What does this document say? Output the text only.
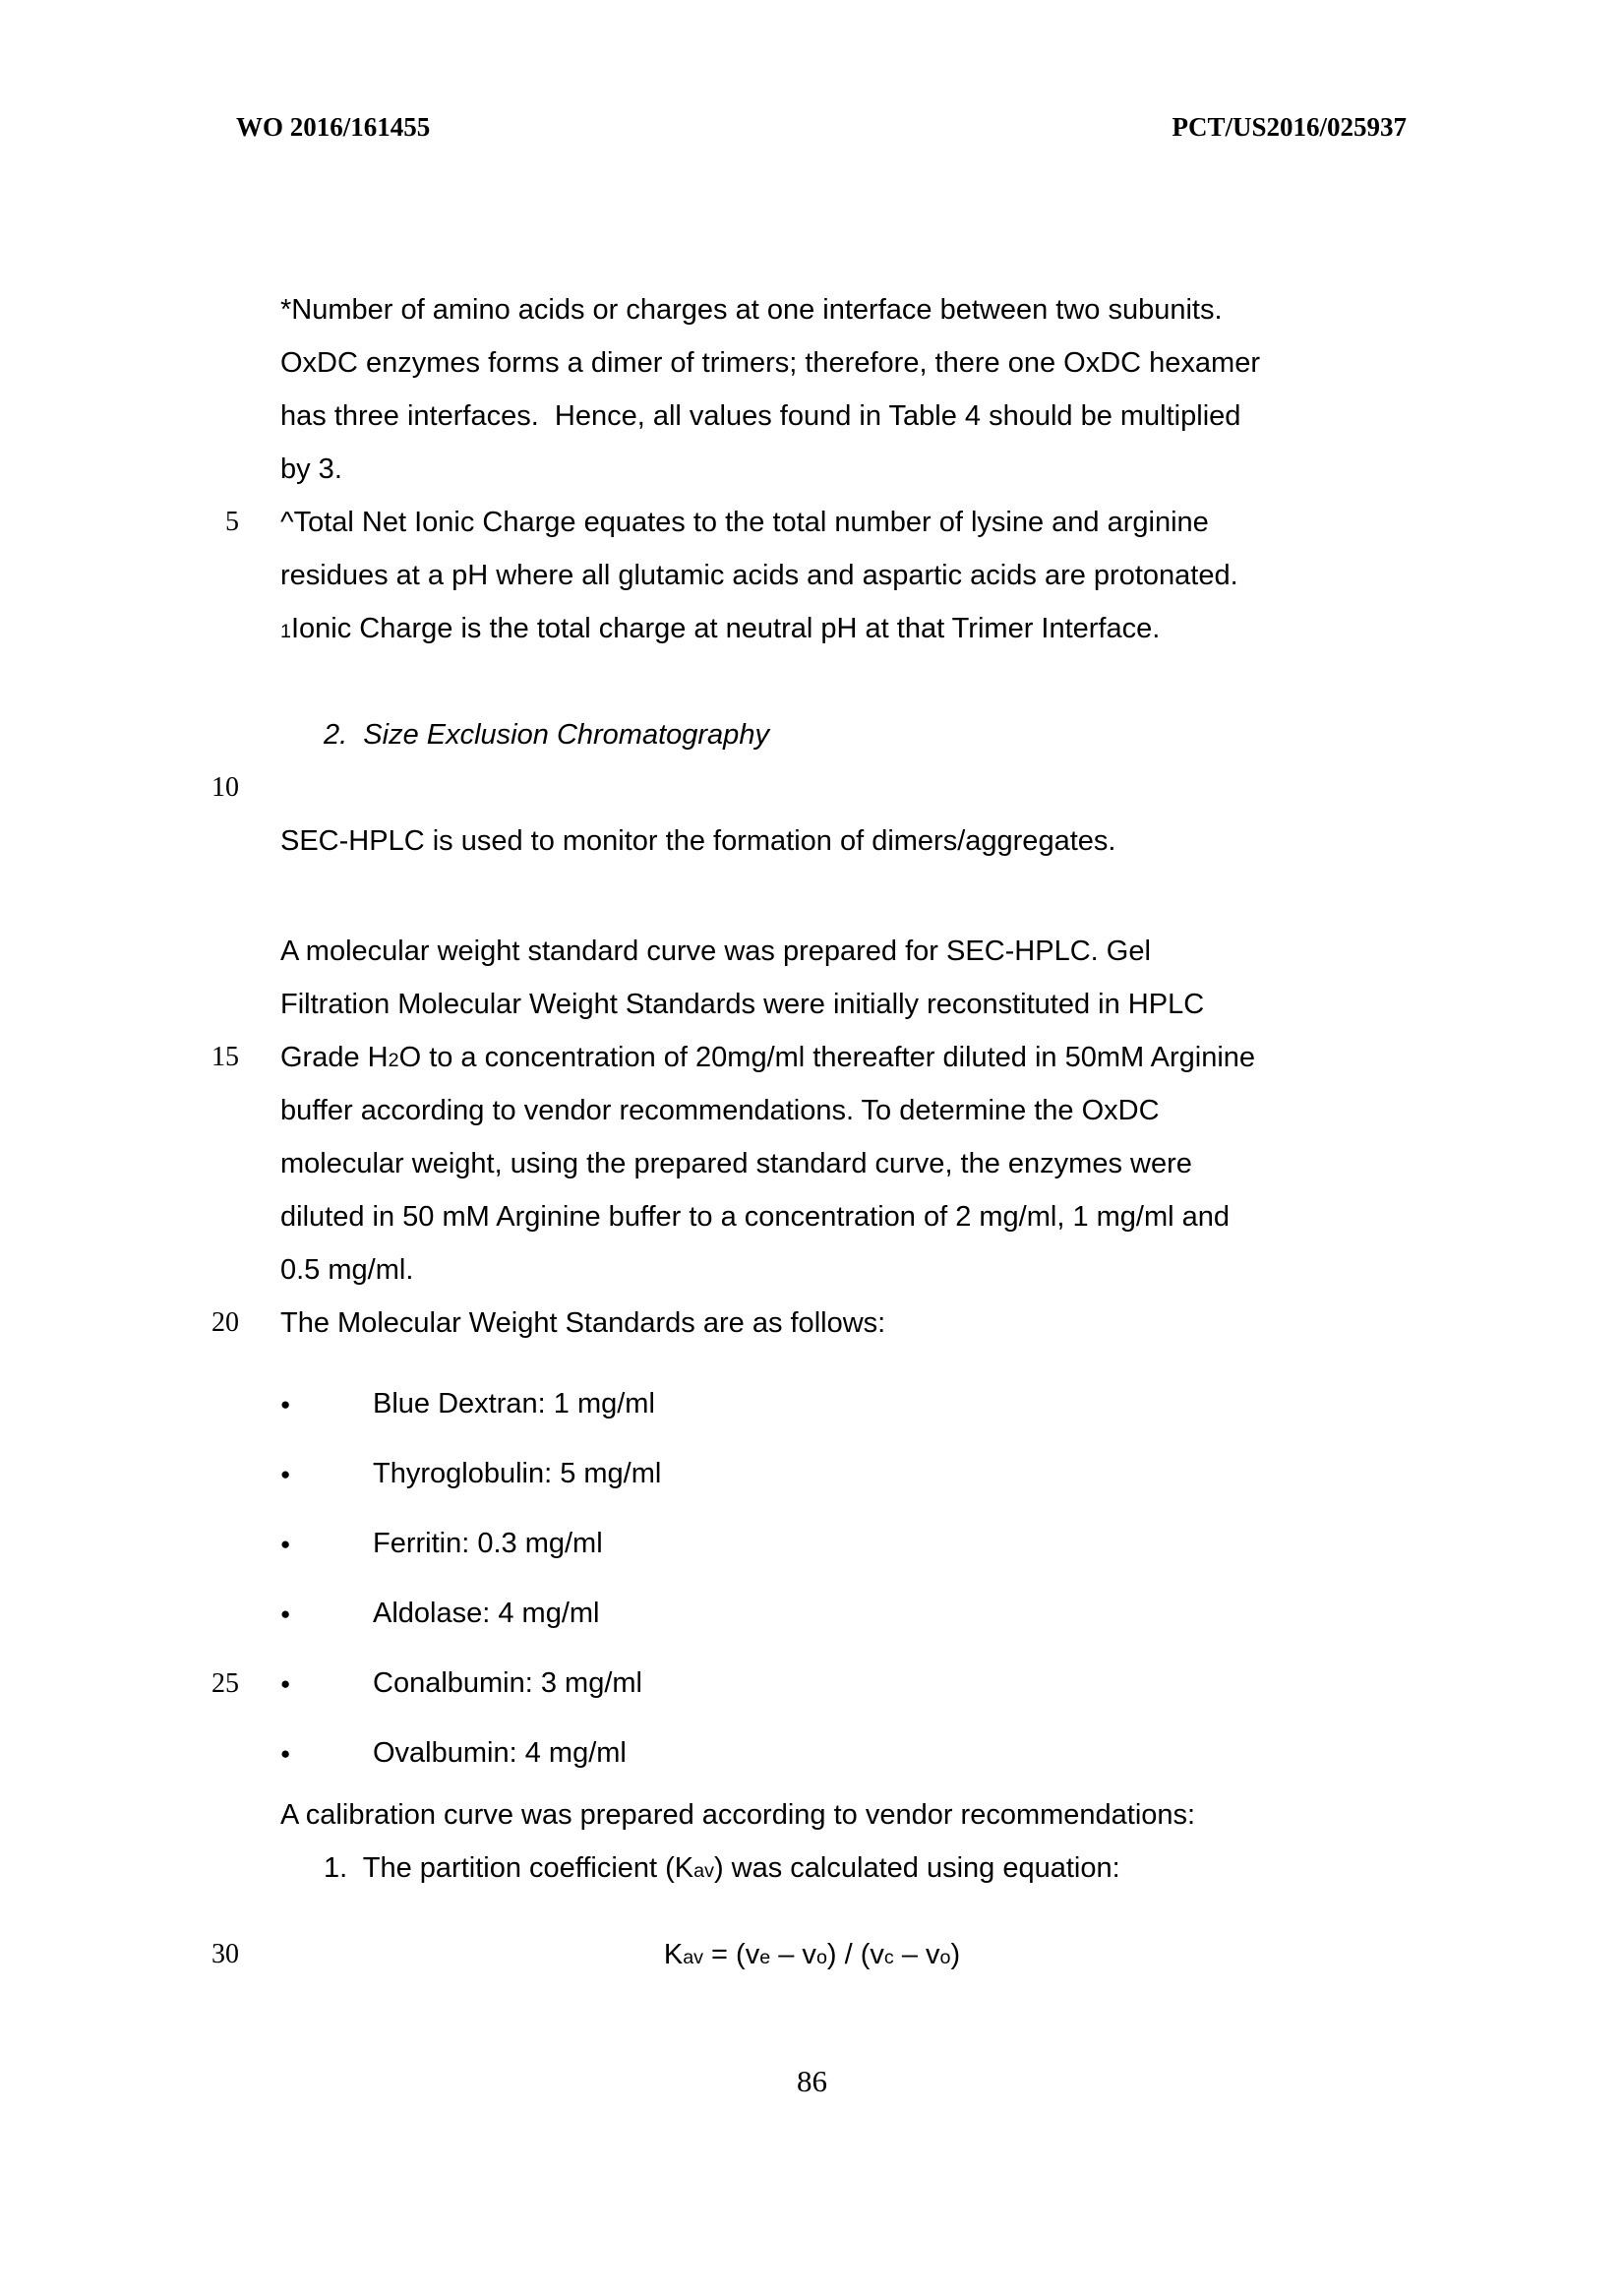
WO 2016/161455	PCT/US2016/025937
*Number of amino acids or charges at one interface between two subunits.
OxDC enzymes forms a dimer of trimers; therefore, there one OxDC hexamer
has three interfaces.  Hence, all values found in Table 4 should be multiplied
by 3.
5	^Total Net Ionic Charge equates to the total number of lysine and arginine
residues at a pH where all glutamic acids and aspartic acids are protonated.
$^1$Ionic Charge is the total charge at neutral pH at that Trimer Interface.
2.  Size Exclusion Chromatography
10
SEC-HPLC is used to monitor the formation of dimers/aggregates.
A molecular weight standard curve was prepared for SEC-HPLC. Gel
Filtration Molecular Weight Standards were initially reconstituted in HPLC
15	Grade $H_2O$ to a concentration of 20mg/ml thereafter diluted in 50mM Arginine
buffer according to vendor recommendations. To determine the OxDC
molecular weight, using the prepared standard curve, the enzymes were
diluted in 50 mM Arginine buffer to a concentration of 2 mg/ml, 1 mg/ml and
0.5 mg/ml.
20	The Molecular Weight Standards are as follows:
●	Blue Dextran: 1 mg/ml
●	Thyroglobulin: 5 mg/ml
●	Ferritin: 0.3 mg/ml
●	Aldolase: 4 mg/ml
25	●	Conalbumin: 3 mg/ml
●	Ovalbumin: 4 mg/ml
A calibration curve was prepared according to vendor recommendations:
1.  The partition coefficient $(K_{av})$ was calculated using equation:
30	$K_{av} = (v_e - v_o) / (v_c - v_o)$
86
